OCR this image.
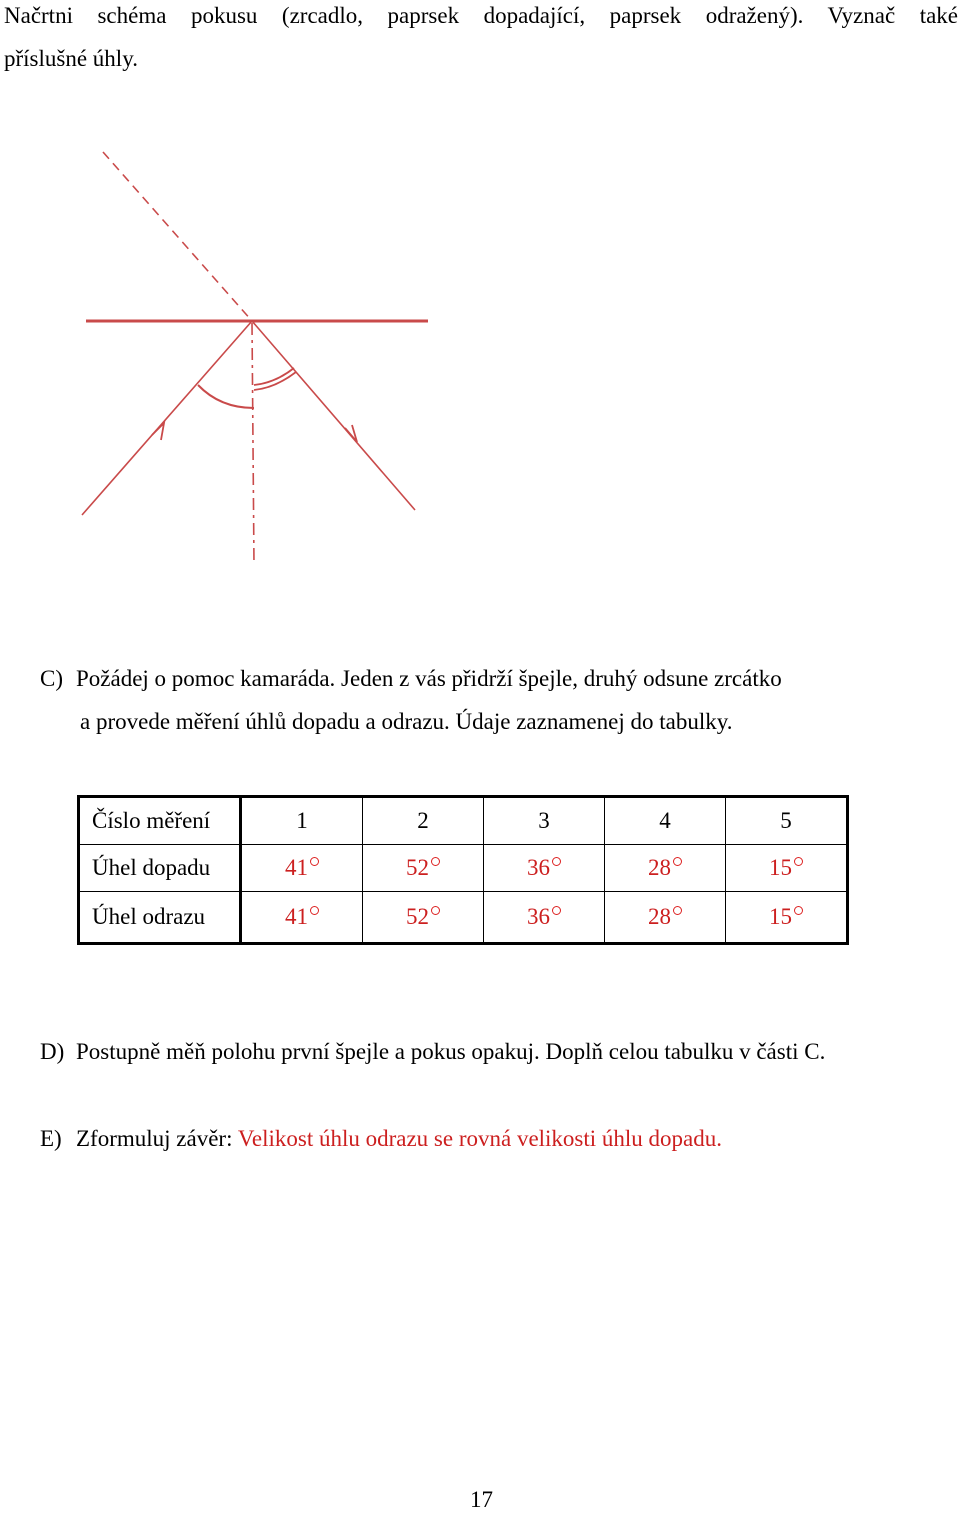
Načrtni schéma pokusu (zrcadlo, paprsek dopadající, paprsek odražený). Vyznač také
příslušné úhly.
C) Požádej o pomoc kamaráda. Jeden z vás přidrží špejle, druhý odsune zrcátko
a provede měření úhlů dopadu a odrazu. Údaje zaznamenej do tabulky.
Číslo měření	1	2	3	4	5
Úhel dopadu	41	52	36	28	15
Úhel odrazu	41	52	36	28	15
D) Postupně měň polohu první špejle a pokus opakuj. Doplň celou tabulku v části C.
E) Zformuluj závěr: Velikost úhlu odrazu se rovná velikosti úhlu dopadu.
17
